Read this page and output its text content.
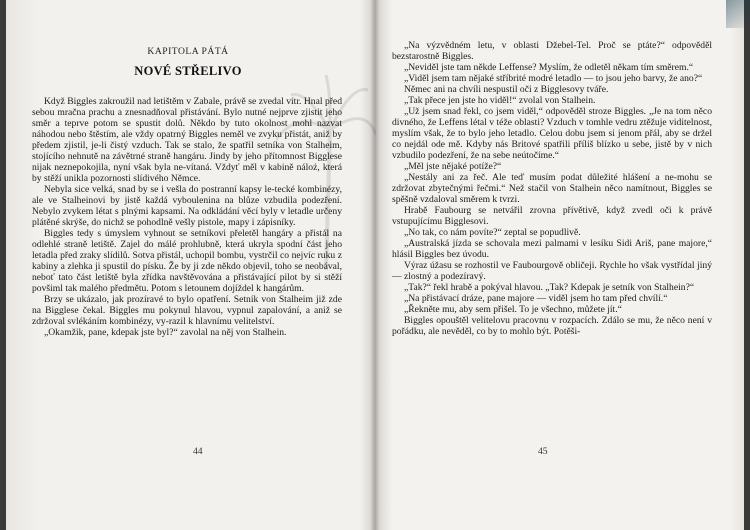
KAPITOLA PÁTÁ
NOVÉ STŘELIVO

Když Biggles zakroužil nad letištěm v Zabale, právě se zvedal vítr. Hnal před sebou mračna prachu a znesnadňoval přistávání. Bylo nutné nejprve zjistit jeho směr a teprve potom se spustit dolů. Někdo by tuto okolnost mohl nazvat náhodou nebo štěstím, ale vždy opatrný Biggles neměl ve zvyku přistát, aniž by předem zjistil, je-li čistý vzduch. Tak se stalo, že spatřil setníka von Stalheim, stojícího nehnutě na závětrné straně hangáru. Jindy by jeho přítomnost Bigglese nijak neznepokojila, nyní však byla ne-vítaná. Vždyť měl v kabině náloż, která by stěží unikla pozornosti slídivého Němce.

Nebyla sice velká, snad by se i vešla do postranní kapsy le-tecké kombinézy, ale ve Stalheinovi by jistě každá vyboulenina na blůze vzbudila podezření. Nebylo zvykem létat s plnými kapsami. Na odkládání věcí byly v letadle určeny plátěné skrýše, do nichž se pohodlně vešly pistole, mapy i zápisníky.

Biggles tedy s úmyslem vyhnout se setníkovi přeletěl hangáry a přistál na odlehlé straně letiště. Zajel do málé prohlubně, která ukryla spodní část jeho letadla před zraky slídilů. Sotva přistál, uchopil bombu, vystrčil co nejvíc ruku z kabiny a zlehka ji spustil do písku. Že by ji zde někdo objevil, toho se neobával, neboť tato část letiště byla zřídka navštěvována a přistávající pilot by si stěží povšiml tak malého předmětu. Potom s letounem dojíždel k hangárům.

Brzy se ukázalo, jak prozíravé to bylo opatření. Setník von Stalheim již zde na Bigglese čekal. Biggles mu pokynul hlavou, vypnul zapalování, a aniž se zdržoval svlékáním kombinézy, vy-razil k hlavnímu velitelství.

„Okamžik, pane, kdepak jste byl?“ zavolal na něj von Stalhein.

44

„Na výzvědném letu, v oblasti Džebel-Tel. Proč se ptáte?“ odpověděl bezstarostně Biggles.

„Neviděl jste tam někde Leffense? Myslím, že odletěl někam tím směrem.“

„Viděl jsem tam nějaké stříbrité modré letadlo — to jsou jeho barvy, že ano?“

Němec ani na chvíli nespustil oči z Bigglesovy tváře.

„Tak přece jen jste ho viděl!“ zvolal von Stalhein.

„Už jsem snad řekl, co jsem viděl,“ odpověděl stroze Biggles. „Je na tom něco divného, že Leffens létal v téže oblasti? Vzduch v tomhle vedru ztěžuje viditelnost, myslím však, že to bylo jeho letadlo. Celou dobu jsem si jenom přál, aby se držel co nejdál ode mě. Kdyby nás Britové spatřili příliš blízko u sebe, jistě by v nich vzbudilo podezření, že na sebe neútočíme.“

„Měl jste nějaké potíže?“

„Nestály ani za řeč. Ale teď musím podat důležité hlášení a ne-mohu se zdržovat zbytečnými řečmi.“ Než stačil von Stalhein něco namítnout, Biggles se spěšně vzdaloval směrem k tvrzi.

Hrabě Faubourg se netvářil zrovna přívětivě, když zvedl oči k právě vstupujícímu Bigglesovi.

„No tak, co nám povíte?“ zeptal se popudlivě.

„Australská jízda se schovala mezi palmami v lesíku Sidi Ariš, pane majore,“ hlásil Biggles bez úvodu.

Výraz úžasu se rozhostil ve Faubourgově obličeji. Rychle ho však vystřídal jiný — zlostný a podezíravý.

„Tak?“ řekl hrabě a pokýval hlavou. „Tak? Kdepak je setník von Stalhein?“

„Na přistávací dráze, pane majore — viděl jsem ho tam před chvílí.“

„Řekněte mu, aby sem přišel. To je všechno, můžete jít.“

Biggles opouštěl velitelovu pracovnu v rozpacích. Zdálo se mu, že něco není v pořádku, ale nevěděl, co by to mohlo být. Potěši-

45
